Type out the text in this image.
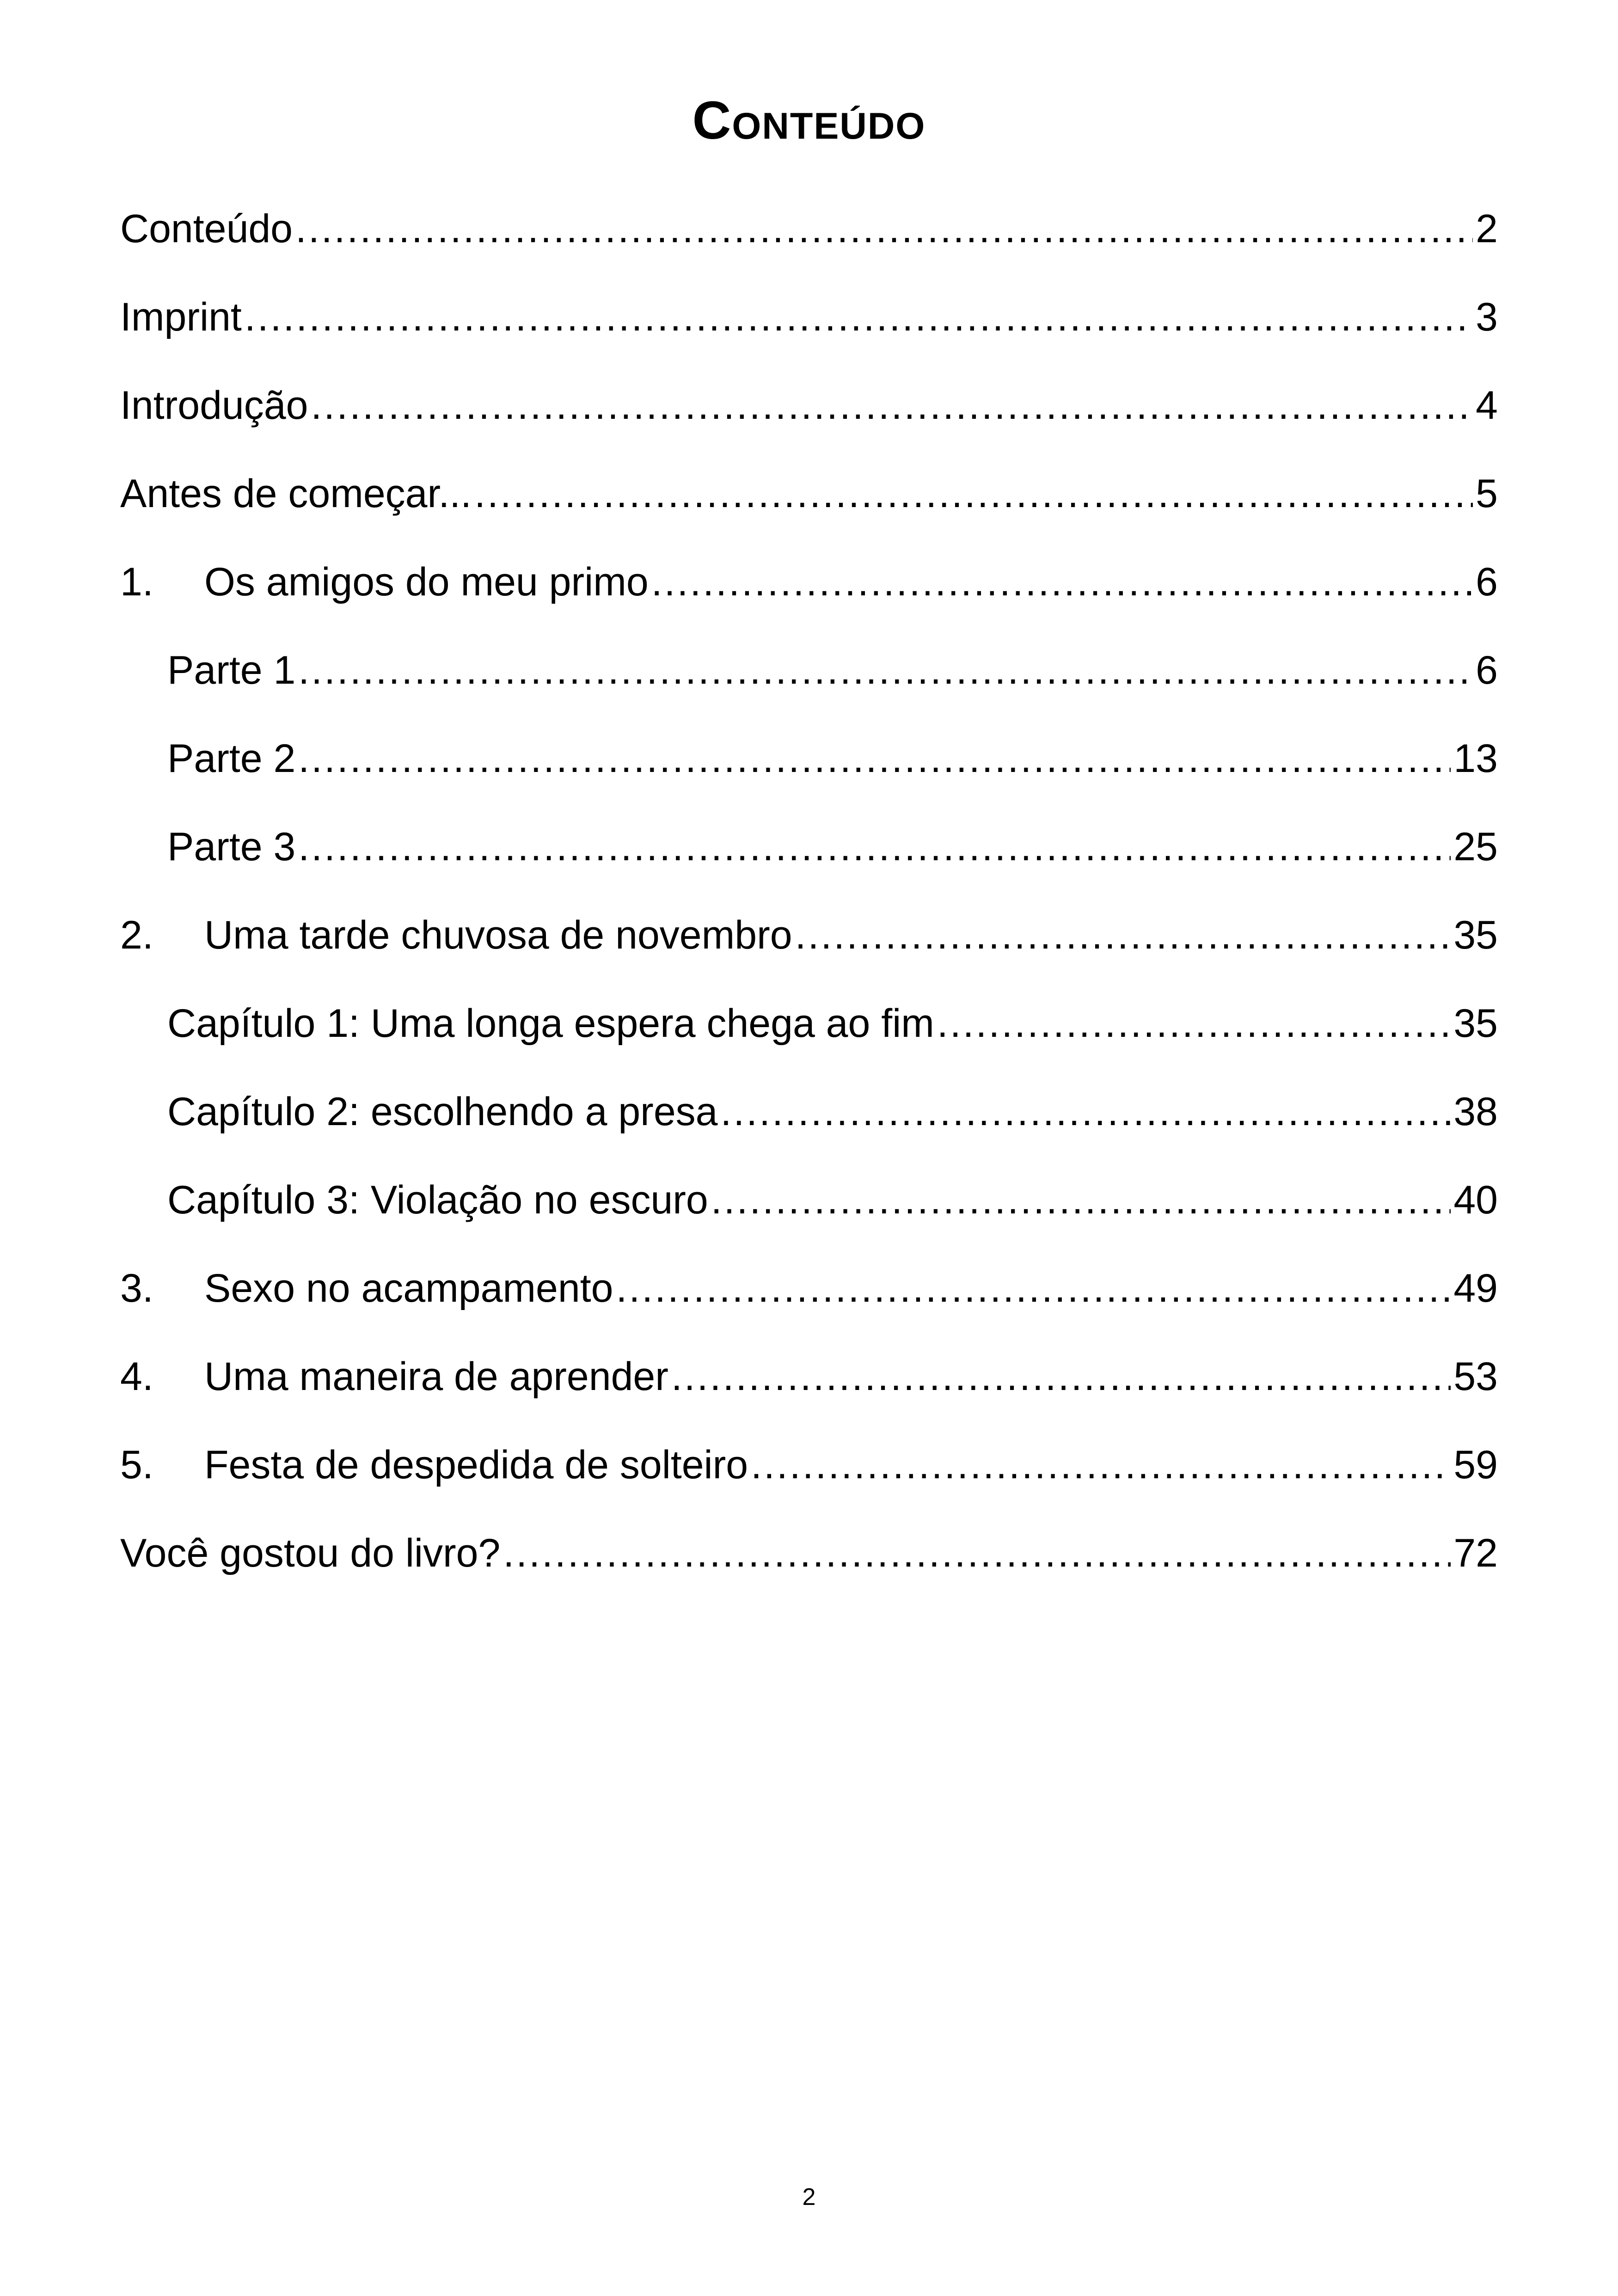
Conteúdo
Conteúdo .....	2
Imprint .....	3
Introdução .....	4
Antes de começar... .....	5
1.	Os amigos do meu primo .....	6
Parte 1 .....	6
Parte 2 .....	13
Parte 3 .....	25
2.	Uma tarde chuvosa de novembro .....	35
Capítulo 1: Uma longa espera chega ao fim .....	35
Capítulo 2: escolhendo a presa .....	38
Capítulo 3: Violação no escuro .....	40
3.	Sexo no acampamento .....	49
4.	Uma maneira de aprender .....	53
5.	Festa de despedida de solteiro .....	59
Você gostou do livro? .....	72
2
